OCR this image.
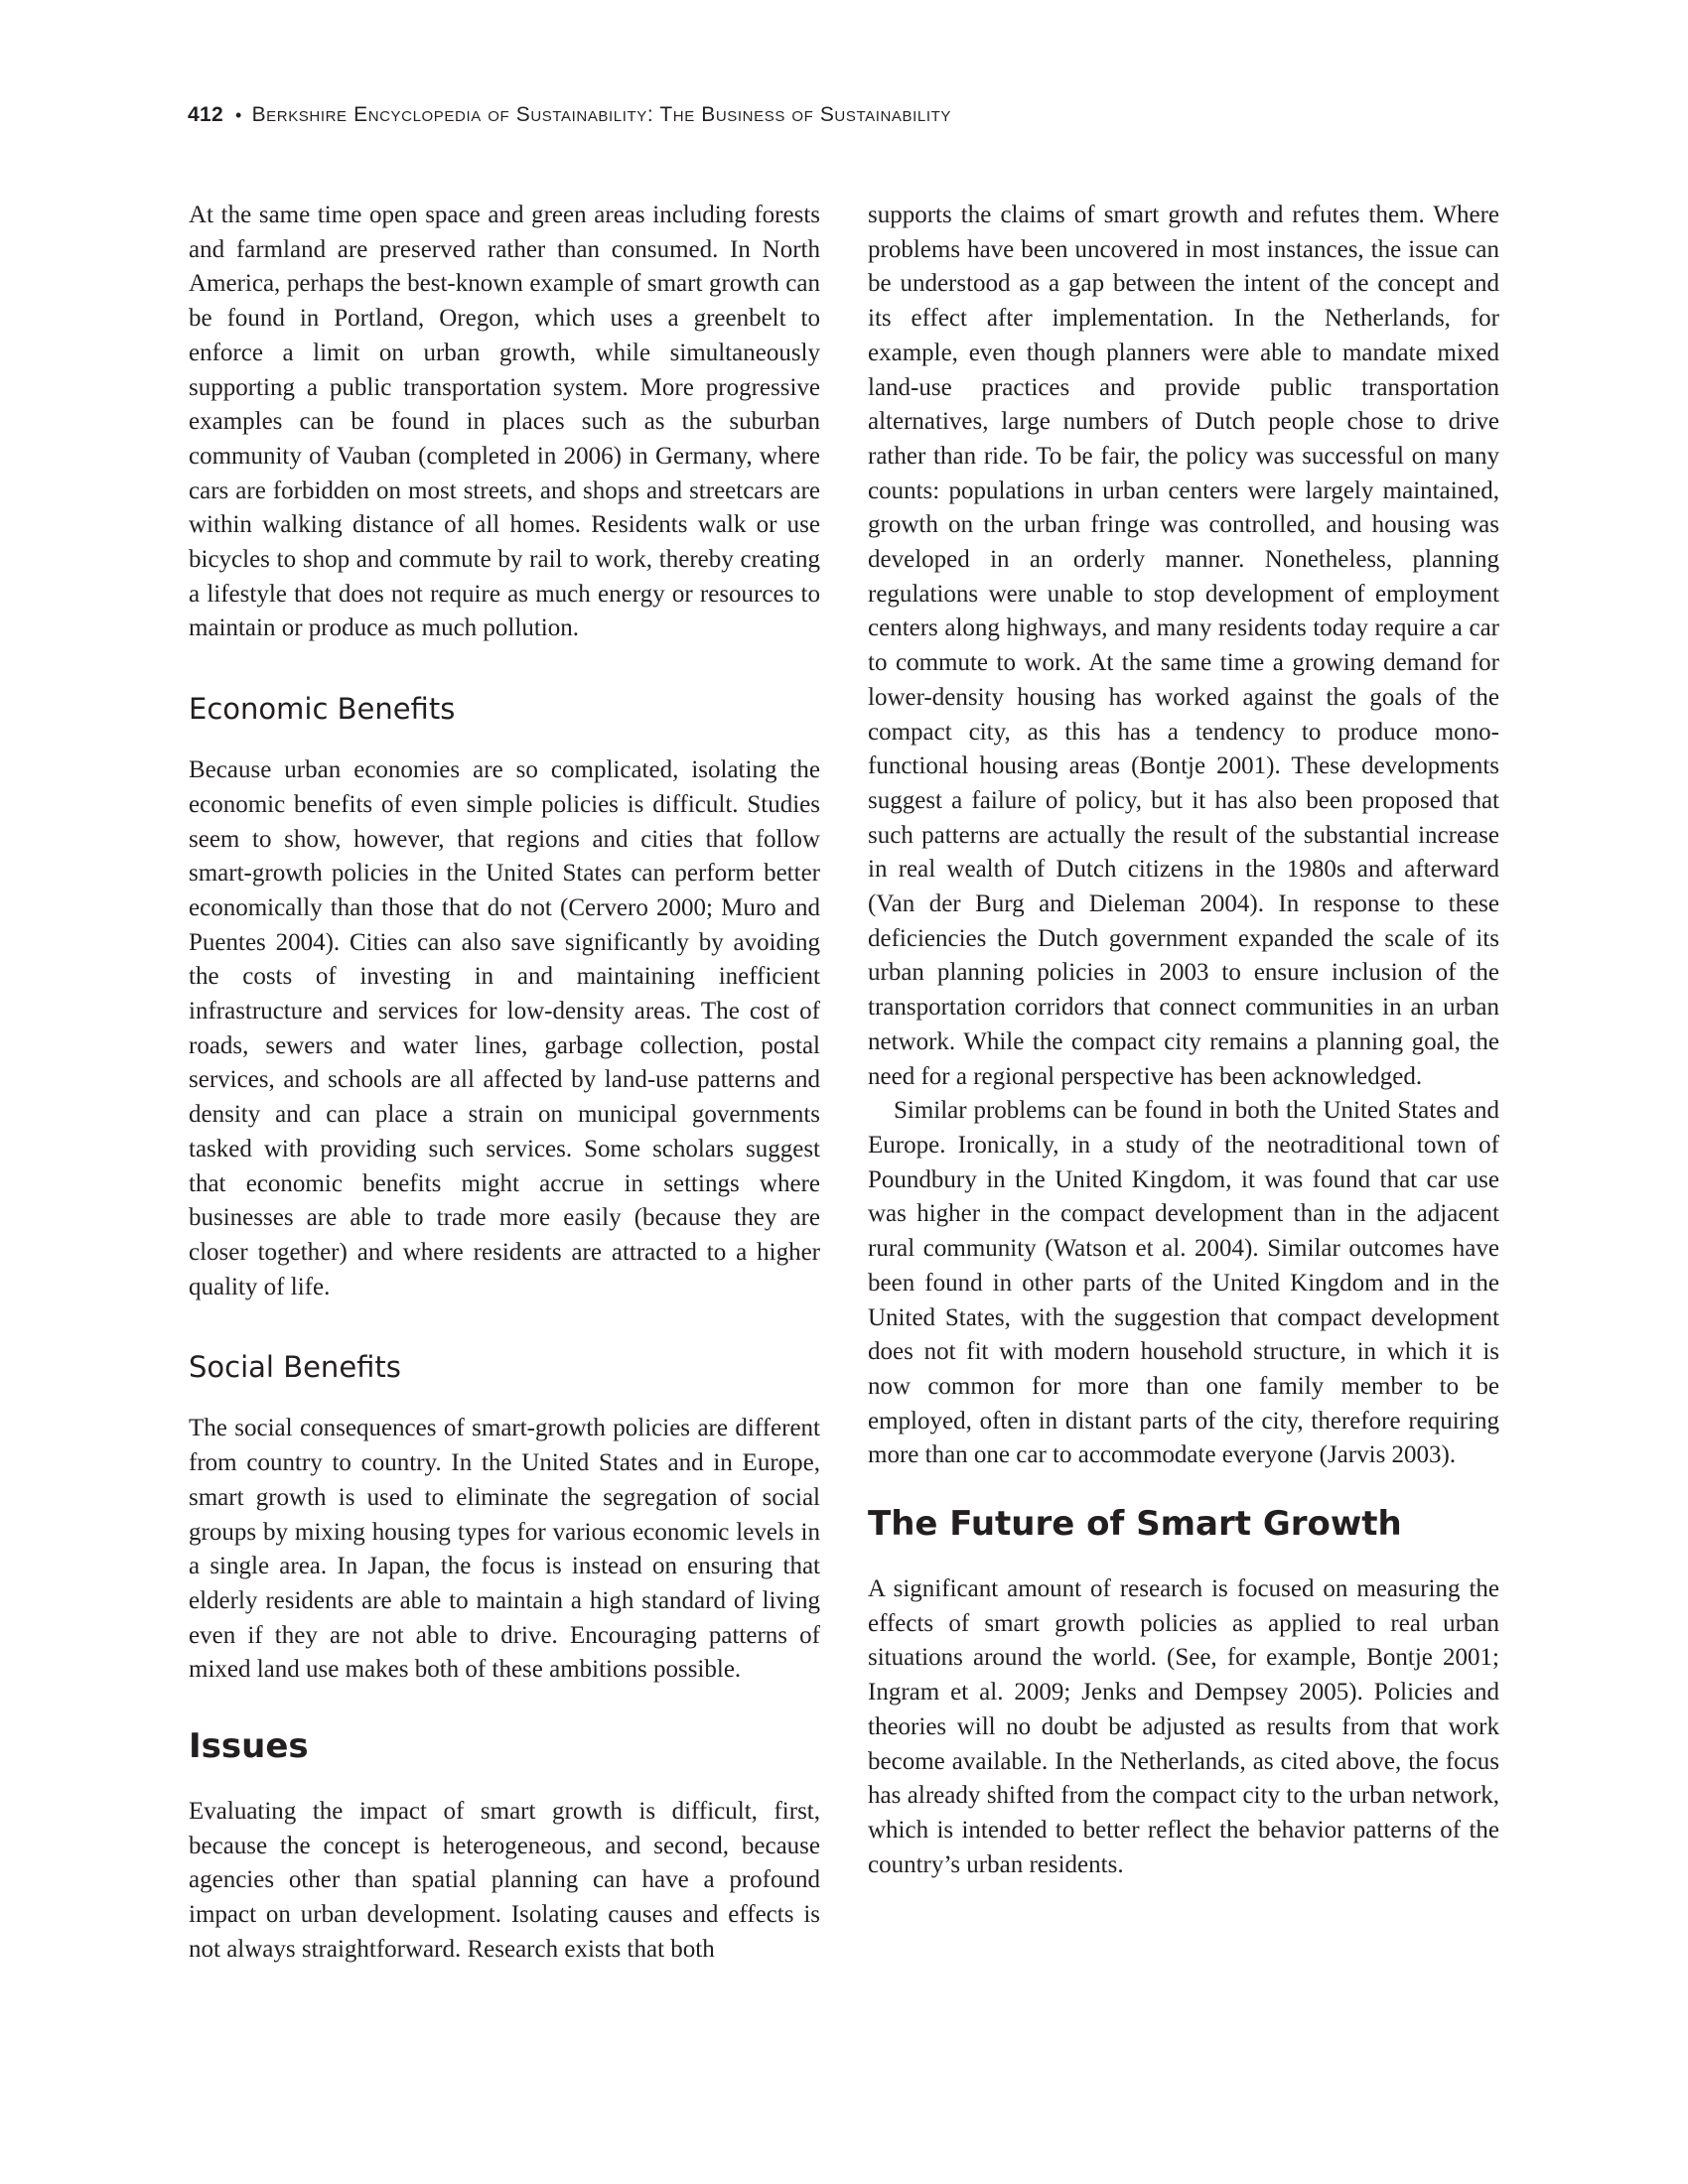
412 • Berkshire Encyclopedia of Sustainability: The Business of Sustainability

At the same time open space and green areas including forests and farmland are preserved rather than consumed. In North America, perhaps the best-known example of smart growth can be found in Portland, Oregon, which uses a greenbelt to enforce a limit on urban growth, while simultaneously supporting a public transportation system. More progressive examples can be found in places such as the suburban community of Vauban (completed in 2006) in Germany, where cars are forbidden on most streets, and shops and streetcars are within walking distance of all homes. Residents walk or use bicycles to shop and commute by rail to work, thereby creating a lifestyle that does not require as much energy or resources to maintain or produce as much pollution.

Economic Benefits

Because urban economies are so complicated, isolating the economic benefits of even simple policies is difficult. Studies seem to show, however, that regions and cities that follow smart-growth policies in the United States can perform better economically than those that do not (Cervero 2000; Muro and Puentes 2004). Cities can also save significantly by avoiding the costs of investing in and maintaining inefficient infrastructure and services for low-density areas. The cost of roads, sewers and water lines, garbage collection, postal services, and schools are all affected by land-use patterns and density and can place a strain on municipal governments tasked with providing such services. Some scholars suggest that economic benefits might accrue in settings where businesses are able to trade more easily (because they are closer together) and where residents are attracted to a higher quality of life.

Social Benefits

The social consequences of smart-growth policies are different from country to country. In the United States and in Europe, smart growth is used to eliminate the segregation of social groups by mixing housing types for various economic levels in a single area. In Japan, the focus is instead on ensuring that elderly residents are able to maintain a high standard of living even if they are not able to drive. Encouraging patterns of mixed land use makes both of these ambitions possible.

Issues

Evaluating the impact of smart growth is difficult, first, because the concept is heterogeneous, and second, because agencies other than spatial planning can have a profound impact on urban development. Isolating causes and effects is not always straightforward. Research exists that both

supports the claims of smart growth and refutes them. Where problems have been uncovered in most instances, the issue can be understood as a gap between the intent of the concept and its effect after implementation. In the Netherlands, for example, even though planners were able to mandate mixed land-use practices and provide public transportation alternatives, large numbers of Dutch people chose to drive rather than ride. To be fair, the policy was successful on many counts: populations in urban centers were largely maintained, growth on the urban fringe was controlled, and housing was developed in an orderly manner. Nonetheless, planning regulations were unable to stop development of employment centers along highways, and many residents today require a car to commute to work. At the same time a growing demand for lower-density housing has worked against the goals of the compact city, as this has a tendency to produce mono-functional housing areas (Bontje 2001). These developments suggest a failure of policy, but it has also been proposed that such patterns are actually the result of the substantial increase in real wealth of Dutch citizens in the 1980s and afterward (Van der Burg and Dieleman 2004). In response to these deficiencies the Dutch government expanded the scale of its urban planning policies in 2003 to ensure inclusion of the transportation corridors that connect communities in an urban network. While the compact city remains a planning goal, the need for a regional perspective has been acknowledged.

Similar problems can be found in both the United States and Europe. Ironically, in a study of the neotraditional town of Poundbury in the United Kingdom, it was found that car use was higher in the compact development than in the adjacent rural community (Watson et al. 2004). Similar outcomes have been found in other parts of the United Kingdom and in the United States, with the suggestion that compact development does not fit with modern household structure, in which it is now common for more than one family member to be employed, often in distant parts of the city, therefore requiring more than one car to accommodate everyone (Jarvis 2003).

The Future of Smart Growth

A significant amount of research is focused on measuring the effects of smart growth policies as applied to real urban situations around the world. (See, for example, Bontje 2001; Ingram et al. 2009; Jenks and Dempsey 2005). Policies and theories will no doubt be adjusted as results from that work become available. In the Netherlands, as cited above, the focus has already shifted from the compact city to the urban network, which is intended to better reflect the behavior patterns of the country’s urban residents.
